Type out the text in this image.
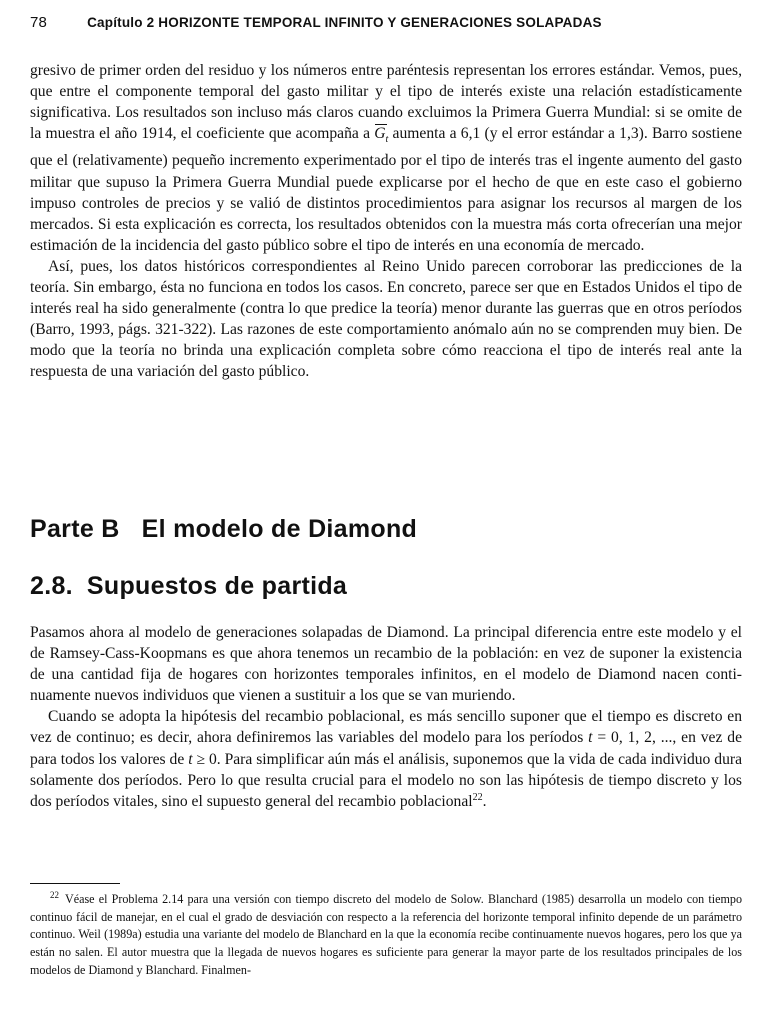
78	Capítulo 2 HORIZONTE TEMPORAL INFINITO Y GENERACIONES SOLAPADAS

gresivo de primer orden del residuo y los números entre paréntesis representan los errores estándar. Vemos, pues, que entre el componente temporal del gasto militar y el tipo de interés existe una relación estadísticamente significativa. Los resultados son incluso más claros cuando excluimos la Primera Guerra Mundial: si se omite de la muestra el año 1914, el coeficiente que acompaña a $G_t$ aumenta a 6,1 (y el error estándar a 1,3). Barro sostiene que el (relativamente) pequeño incremento experimentado por el tipo de interés tras el ingente aumento del gasto militar que supuso la Primera Guerra Mundial puede explicarse por el hecho de que en este caso el gobierno impuso controles de precios y se valió de distintos procedimientos para asignar los recursos al margen de los mercados. Si esta explicación es correcta, los resultados obtenidos con la muestra más corta ofrecerían una mejor estimación de la incidencia del gasto público sobre el tipo de interés en una economía de mercado.

Así, pues, los datos históricos correspondientes al Reino Unido parecen corroborar las predicciones de la teoría. Sin embargo, ésta no funciona en todos los casos. En concreto, parece ser que en Estados Unidos el tipo de interés real ha sido generalmente (contra lo que predice la teoría) menor durante las guerras que en otros períodos (Barro, 1993, págs. 321-322). Las razones de este comportamiento anómalo aún no se comprenden muy bien. De modo que la teoría no brinda una explicación completa sobre cómo reacciona el tipo de interés real ante la respuesta de una variación del gasto público.

Parte B El modelo de Diamond
2.8. Supuestos de partida

Pasamos ahora al modelo de generaciones solapadas de Diamond. La principal diferencia entre este modelo y el de Ramsey-Cass-Koopmans es que ahora tenemos un recambio de la población: en vez de suponer la existencia de una cantidad fija de hogares con horizontes temporales infinitos, en el modelo de Diamond nacen continuamente nuevos individuos que vienen a sustituir a los que se van muriendo.

Cuando se adopta la hipótesis del recambio poblacional, es más sencillo suponer que el tiempo es discreto en vez de continuo; es decir, ahora definiremos las variables del modelo para los períodos t = 0, 1, 2, ..., en vez de para todos los valores de t ≥ 0. Para simplificar aún más el análisis, suponemos que la vida de cada individuo dura solamente dos períodos. Pero lo que resulta crucial para el modelo no son las hipótesis de tiempo discreto y los dos períodos vitales, sino el supuesto general del recambio poblacional$^{22}$.

$^{22}$ Véase el Problema 2.14 para una versión con tiempo discreto del modelo de Solow. Blanchard (1985) desarrolla un modelo con tiempo continuo fácil de manejar, en el cual el grado de desviación con respecto a la referencia del horizonte temporal infinito depende de un parámetro continuo. Weil (1989a) estudia una variante del modelo de Blanchard en la que la economía recibe continuamente nuevos hogares, pero los que ya están no salen. El autor muestra que la llegada de nuevos hogares es suficiente para generar la mayor parte de los resultados principales de los modelos de Diamond y Blanchard. Finalmen-
